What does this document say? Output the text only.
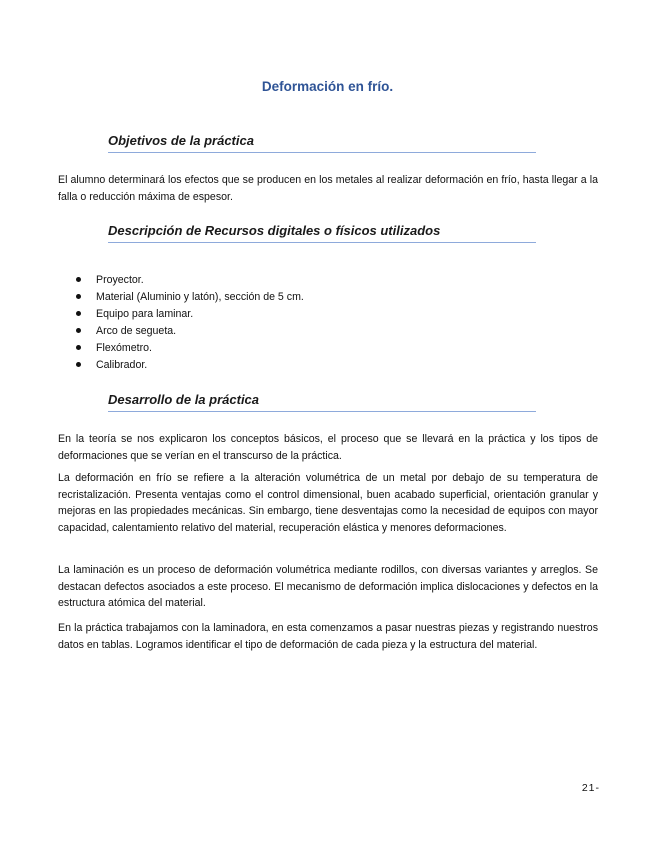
Deformación en frío.
Objetivos de la práctica
El alumno determinará los efectos que se producen en los metales al realizar deformación en frío, hasta llegar a la falla o reducción máxima de espesor.
Descripción de Recursos digitales o físicos utilizados
Proyector.
Material (Aluminio y latón), sección de 5 cm.
Equipo para laminar.
Arco de segueta.
Flexómetro.
Calibrador.
Desarrollo de la práctica
En la teoría se nos explicaron los conceptos básicos, el proceso que se llevará en la práctica y los tipos de deformaciones que se verían en el transcurso de la práctica.
La deformación en frío se refiere a la alteración volumétrica de un metal por debajo de su temperatura de recristalización. Presenta ventajas como el control dimensional, buen acabado superficial, orientación granular y mejoras en las propiedades mecánicas. Sin embargo, tiene desventajas como la necesidad de equipos con mayor capacidad, calentamiento relativo del material, recuperación elástica y menores deformaciones.
La laminación es un proceso de deformación volumétrica mediante rodillos, con diversas variantes y arreglos. Se destacan defectos asociados a este proceso. El mecanismo de deformación implica dislocaciones y defectos en la estructura atómica del material.
En la práctica trabajamos con la laminadora, en esta comenzamos a pasar nuestras piezas y registrando nuestros datos en tablas. Logramos identificar el tipo de deformación de cada pieza y la estructura del material.
21-
